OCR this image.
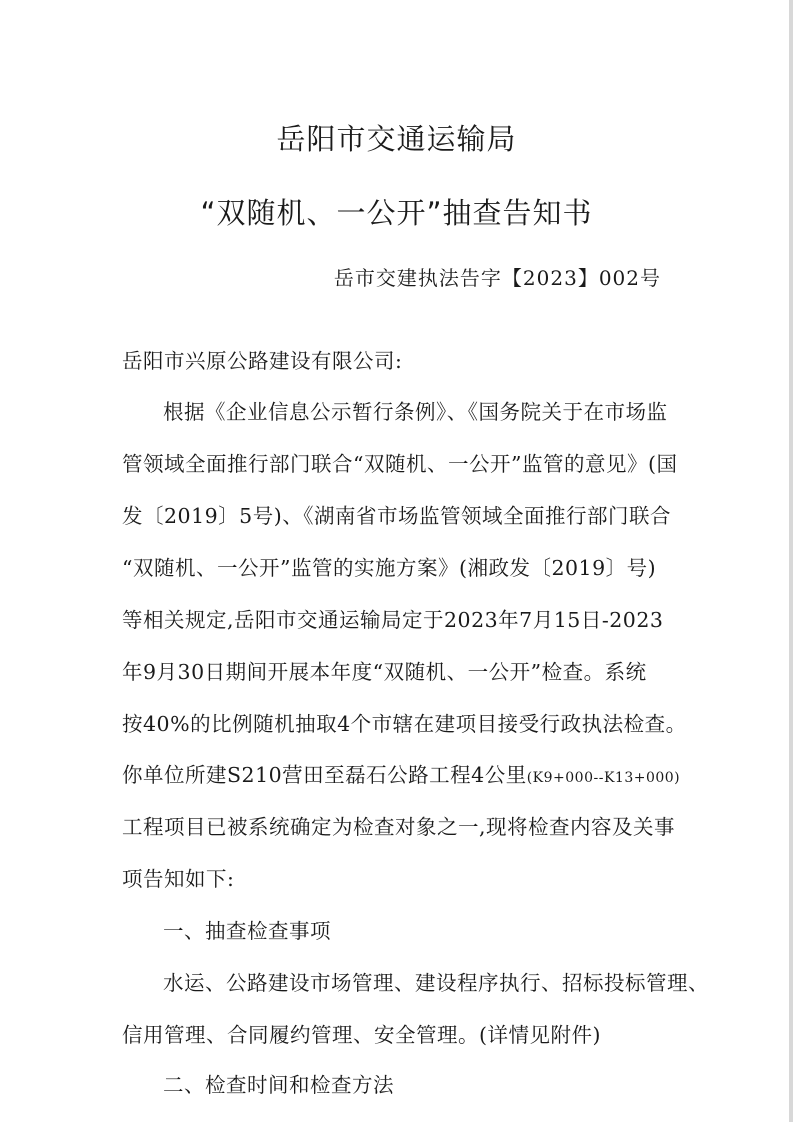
岳阳市交通运输局
“双随机、一公开”抽查告知书
岳市交建执法告字【2023】002号
岳阳市兴原公路建设有限公司:
根据《企业信息公示暂行条例》、《国务院关于在市场监
管领域全面推行部门联合“双随机、一公开”监管的意见》(国
发〔2019〕5号)、《湖南省市场监管领域全面推行部门联合
“双随机、一公开”监管的实施方案》(湘政发〔2019〕号)
等相关规定,岳阳市交通运输局定于2023年7月15日-2023
年9月30日期间开展本年度“双随机、一公开”检查。系统
按40%的比例随机抽取4个市辖在建项目接受行政执法检查。
你单位所建S210营田至磊石公路工程4公里(K9+000--K13+000)
工程项目已被系统确定为检查对象之一,现将检查内容及关事
项告知如下:
一、抽查检查事项
水运、公路建设市场管理、建设程序执行、招标投标管理、
信用管理、合同履约管理、安全管理。(详情见附件)
二、检查时间和检查方法
